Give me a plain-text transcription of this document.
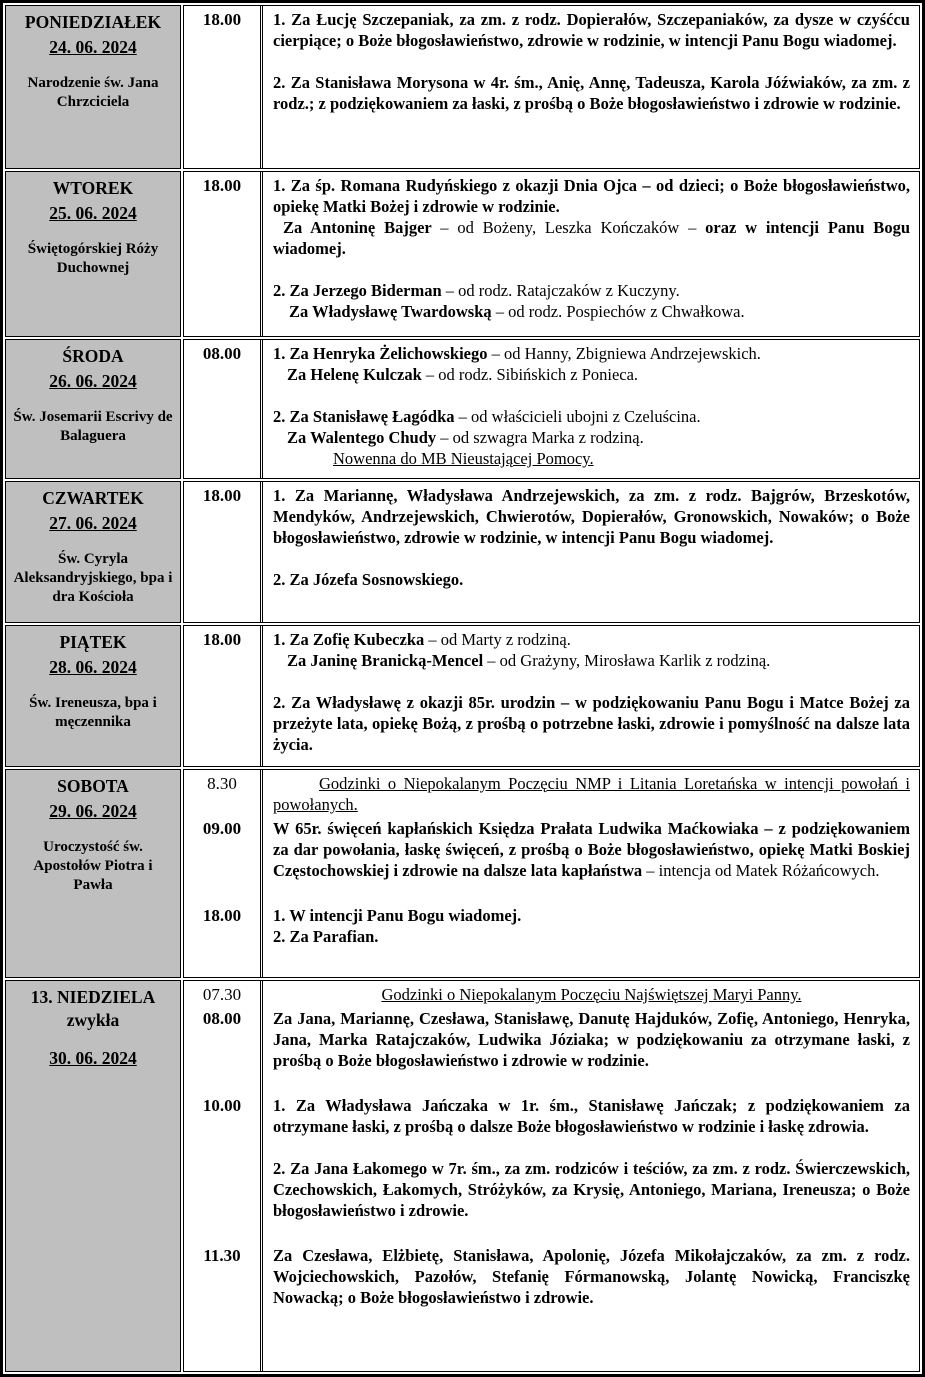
PONIEDZIAŁEK
24. 06. 2024
Narodzenie św. Jana Chrzciciela

18.00	1. Za Łucję Szczepaniak, za zm. z rodz. Dopierałów, Szczepaniaków, za dysze w czyśćcu cierpiące; o Boże błogosławieństwo, zdrowie w rodzinie, w intencji Panu Bogu wiadomej.
2. Za Stanisława Morysona w 4r. śm., Anię, Annę, Tadeusza, Karola Jóźwiaków, za zm. z rodz.; z podziękowaniem za łaski, z prośbą o Boże błogosławieństwo i zdrowie w rodzinie.

WTOREK
25. 06. 2024
Świętogórskiej Róży Duchownej

18.00	1. Za śp. Romana Rudyńskiego z okazji Dnia Ojca – od dzieci; o Boże błogosławieństwo, opiekę Matki Bożej i zdrowie w rodzinie.
Za Antoninę Bajger – od Bożeny, Leszka Kończaków – oraz w intencji Panu Bogu wiadomej.
2. Za Jerzego Biderman – od rodz. Ratajczaków z Kuczyny.
Za Władysławę Twardowską – od rodz. Pospiechów z Chwałkowa.

ŚRODA
26. 06. 2024
Św. Josemarii Escrivy de Balaguera

08.00	1. Za Henryka Żelichowskiego – od Hanny, Zbigniewa Andrzejewskich.
Za Helenę Kulczak – od rodz. Sibińskich z Ponieca.
2. Za Stanisławę Łagódka – od właścicieli ubojni z Czeluścina.
Za Walentego Chudy – od szwagra Marka z rodziną.
Nowenna do MB Nieustającej Pomocy.

CZWARTEK
27. 06. 2024
Św. Cyryla Aleksandryjskiego, bpa i dra Kościoła

18.00	1. Za Mariannę, Władysława Andrzejewskich, za zm. z rodz. Bajgrów, Brzeskotów, Mendyków, Andrzejewskich, Chwierotów, Dopierałów, Gronowskich, Nowaków; o Boże błogosławieństwo, zdrowie w rodzinie, w intencji Panu Bogu wiadomej.
2. Za Józefa Sosnowskiego.

PIĄTEK
28. 06. 2024
Św. Ireneusza, bpa i męczennika

18.00	1. Za Zofię Kubeczka – od Marty z rodziną.
Za Janinę Branicką-Mencel – od Grażyny, Mirosława Karlik z rodziną.
2. Za Władysławę z okazji 85r. urodzin – w podziękowaniu Panu Bogu i Matce Bożej za przeżyte lata, opiekę Bożą, z prośbą o potrzebne łaski, zdrowie i pomyślność na dalsze lata życia.

SOBOTA
29. 06. 2024
Uroczystość św. Apostołów Piotra i Pawła

8.30	Godzinki o Niepokalanym Poczęciu NMP i Litania Loretańska w intencji powołań i powołanych.
09.00	W 65r. święceń kapłańskich Księdza Prałata Ludwika Maćkowiaka – z podziękowaniem za dar powołania, łaskę święceń, z prośbą o Boże błogosławieństwo, opiekę Matki Boskiej Częstochowskiej i zdrowie na dalsze lata kapłaństwa – intencja od Matek Różańcowych.
18.00	1. W intencji Panu Bogu wiadomej.
2. Za Parafian.

13. NIEDZIELA
zwykła
30. 06. 2024

07.30	Godzinki o Niepokalanym Poczęciu Najświętszej Maryi Panny.
08.00	Za Jana, Mariannę, Czesława, Stanisławę, Danutę Hajduków, Zofię, Antoniego, Henryka, Jana, Marka Ratajczaków, Ludwika Józiaka; w podziękowaniu za otrzymane łaski, z prośbą o Boże błogosławieństwo i zdrowie w rodzinie.
10.00	1. Za Władysława Jańczaka w 1r. śm., Stanisławę Jańczak; z podziękowaniem za otrzymane łaski, z prośbą o dalsze Boże błogosławieństwo w rodzinie i łaskę zdrowia.
2. Za Jana Łakomego w 7r. śm., za zm. rodziców i teściów, za zm. z rodz. Świerczewskich, Czechowskich, Łakomych, Stróżyków, za Krysię, Antoniego, Mariana, Ireneusza; o Boże błogosławieństwo i zdrowie.
11.30	Za Czesława, Elżbietę, Stanisława, Apolonię, Józefa Mikołajczaków, za zm. z rodz. Wojciechowskich, Pazołów, Stefanię Fórmanowską, Jolantę Nowicką, Franciszkę Nowacką; o Boże błogosławieństwo i zdrowie.
